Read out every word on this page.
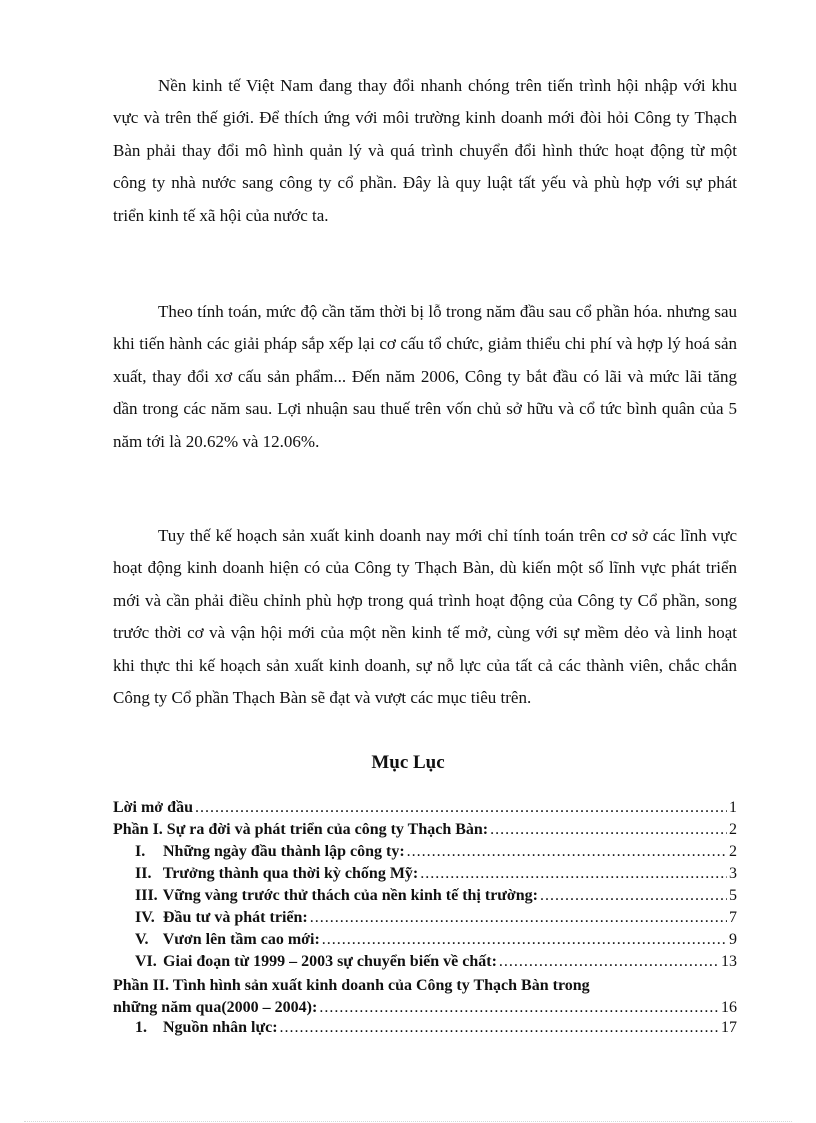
Nền kinh tế Việt Nam đang thay đổi nhanh chóng trên tiến trình hội nhập với khu vực và trên thế giới. Để thích ứng với môi trường kinh doanh mới đòi hỏi Công ty Thạch Bàn phải thay đổi mô hình quản lý và quá trình chuyển đổi hình thức hoạt động từ một công ty nhà nước sang công ty cổ phần. Đây là quy luật tất yếu và phù hợp với sự phát triển kinh tế xã hội của nước ta.

Theo tính toán, mức độ cần tăm thời bị lỗ trong năm đầu sau cổ phần hóa. nhưng sau khi tiến hành các giải pháp sắp xếp lại cơ cấu tổ chức, giảm thiểu chi phí và hợp lý hoá sản xuất, thay đổi xơ cấu sản phẩm... Đến năm 2006, Công ty bắt đầu có lãi và mức lãi tăng dần trong các năm sau. Lợi nhuận sau thuế trên vốn chủ sở hữu và cổ tức bình quân của 5 năm tới là 20.62% và 12.06%.

Tuy thế kế hoạch sản xuất kinh doanh nay mới chỉ tính toán trên cơ sở các lĩnh vực hoạt động kinh doanh hiện có của Công ty Thạch Bàn, dù kiến một số lĩnh vực phát triển mới và cần phải điều chỉnh phù hợp trong quá trình hoạt động của Công ty Cổ phần, song trước thời cơ và vận hội mới của một nền kinh tế mở, cùng với sự mềm dẻo và linh hoạt khi thực thi kế hoạch sản xuất kinh doanh, sự nỗ lực của tất cả các thành viên, chắc chắn Công ty Cổ phần Thạch Bàn sẽ đạt và vượt các mục tiêu trên.

Mục Lục
Lời mở đầu .....	1
Phần I. Sự ra đời và phát triển của công ty Thạch Bàn: .....	2
I. Những ngày đầu thành lập công ty: .....	2
II. Trưởng thành qua thời kỳ chống Mỹ: .....	3
III. Vững vàng trước thử thách của nền kinh tế thị trường: .....	5
IV. Đầu tư và phát triển: .....	7
V. Vươn lên tầm cao mới: .....	9
VI. Giai đoạn từ 1999 – 2003 sự chuyển biến về chất: .....	13
Phần II. Tình hình sản xuất kinh doanh của Công ty Thạch Bàn trong
những năm qua(2000 – 2004): .....	16
1. Nguồn nhân lực: .....	17
